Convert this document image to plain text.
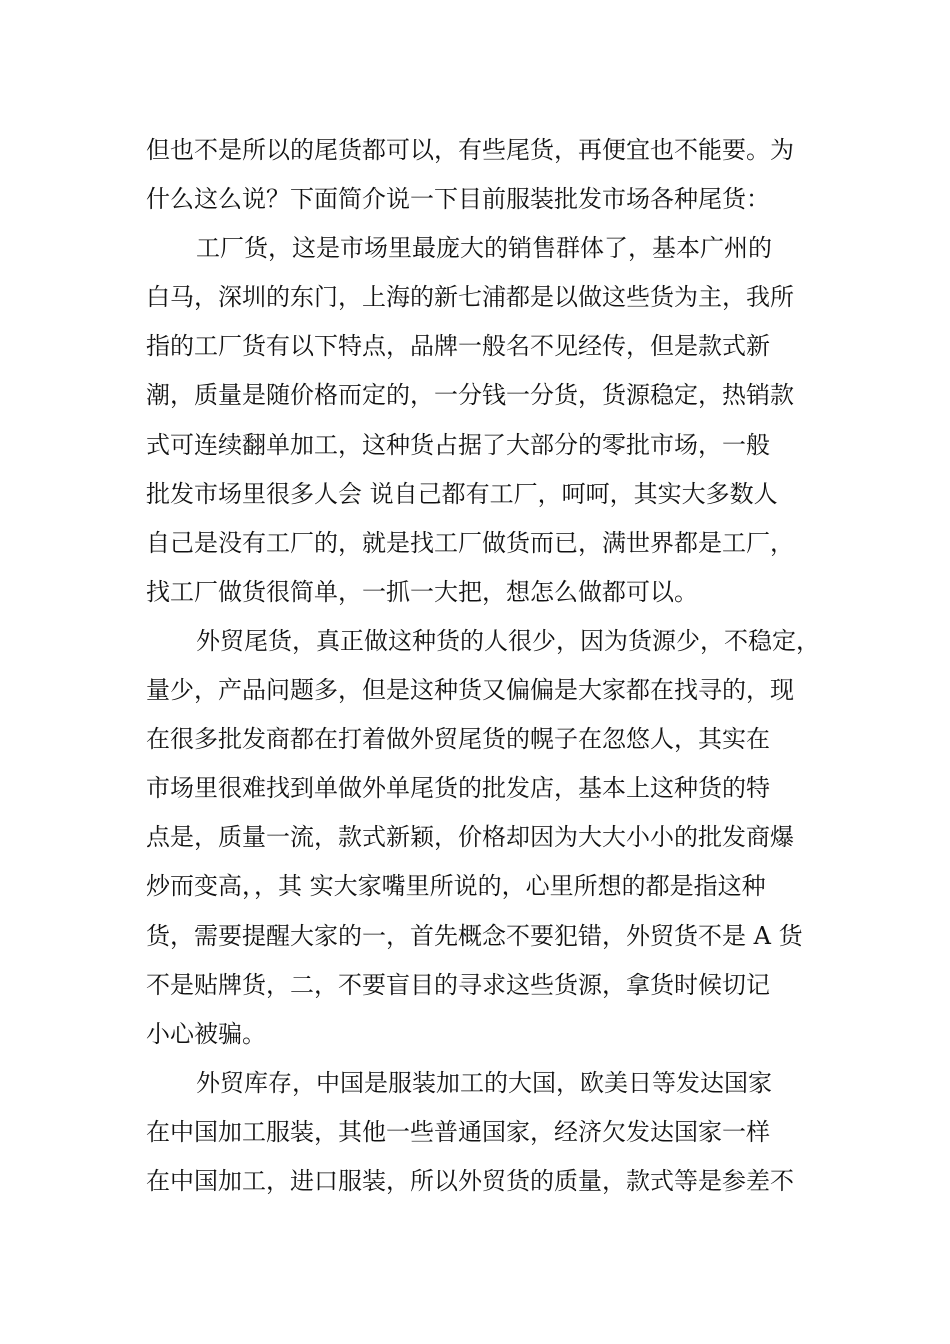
但也不是所以的尾货都可以，有些尾货，再便宜也不能要。为
什么这么说？下面简介说一下目前服装批发市场各种尾货：
工厂货，这是市场里最庞大的销售群体了，基本广州的
白马，深圳的东门，上海的新七浦都是以做这些货为主，我所
指的工厂货有以下特点，品牌一般名不见经传，但是款式新
潮，质量是随价格而定的，一分钱一分货，货源稳定，热销款
式可连续翻单加工，这种货占据了大部分的零批市场，一般
批发市场里很多人会 说自己都有工厂，呵呵，其实大多数人
自己是没有工厂的，就是找工厂做货而已，满世界都是工厂，
找工厂做货很简单，一抓一大把，想怎么做都可以。
外贸尾货，真正做这种货的人很少，因为货源少，不稳定，
量少，产品问题多，但是这种货又偏偏是大家都在找寻的，现
在很多批发商都在打着做外贸尾货的幌子在忽悠人，其实在
市场里很难找到单做外单尾货的批发店，基本上这种货的特
点是，质量一流，款式新颖，价格却因为大大小小的批发商爆
炒而变高，，其 实大家嘴里所说的，心里所想的都是指这种
货，需要提醒大家的一，首先概念不要犯错，外贸货不是 A 货
不是贴牌货，二，不要盲目的寻求这些货源，拿货时候切记
小心被骗。
外贸库存，中国是服装加工的大国，欧美日等发达国家
在中国加工服装，其他一些普通国家，经济欠发达国家一样
在中国加工，进口服装，所以外贸货的质量，款式等是参差不
